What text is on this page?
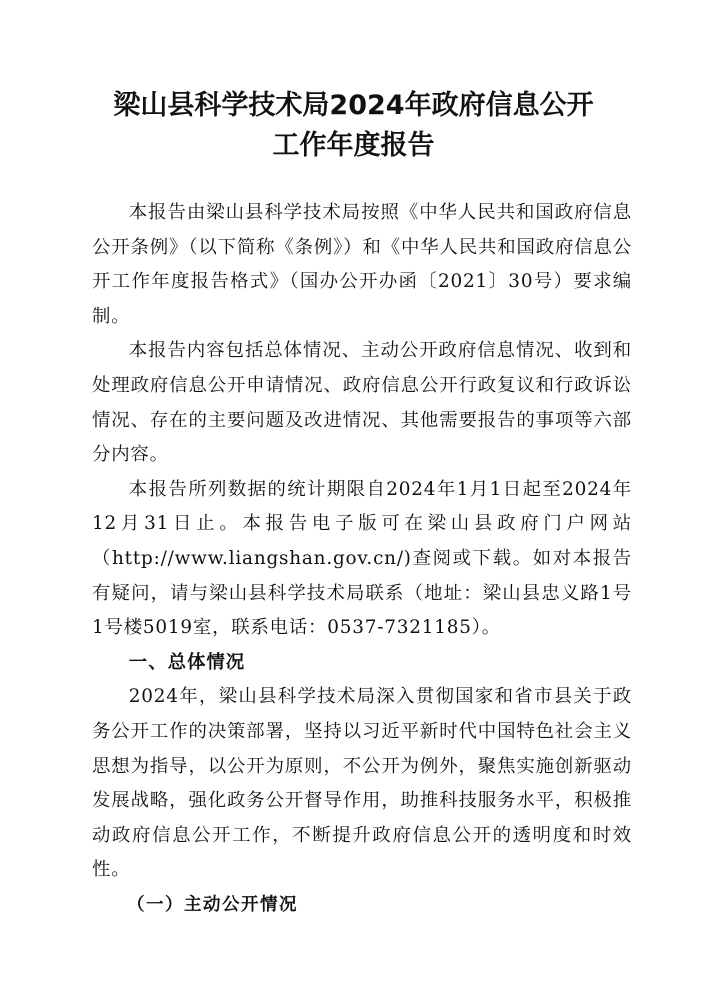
梁山县科学技术局2024年政府信息公开
工作年度报告

本报告由梁山县科学技术局按照《中华人民共和国政府信息公开条例》（以下简称《条例》）和《中华人民共和国政府信息公开工作年度报告格式》（国办公开办函〔2021〕30号）要求编制。

本报告内容包括总体情况、主动公开政府信息情况、收到和处理政府信息公开申请情况、政府信息公开行政复议和行政诉讼情况、存在的主要问题及改进情况、其他需要报告的事项等六部分内容。

本报告所列数据的统计期限自2024年1月1日起至2024年12月31日止。本报告电子版可在梁山县政府门户网站（http://www.liangshan.gov.cn/)查阅或下载。如对本报告有疑问，请与梁山县科学技术局联系（地址：梁山县忠义路1号1号楼5019室，联系电话：0537-7321185）。

一、总体情况

2024年，梁山县科学技术局深入贯彻国家和省市县关于政务公开工作的决策部署，坚持以习近平新时代中国特色社会主义思想为指导，以公开为原则，不公开为例外，聚焦实施创新驱动发展战略，强化政务公开督导作用，助推科技服务水平，积极推动政府信息公开工作，不断提升政府信息公开的透明度和时效性。

（一）主动公开情况
